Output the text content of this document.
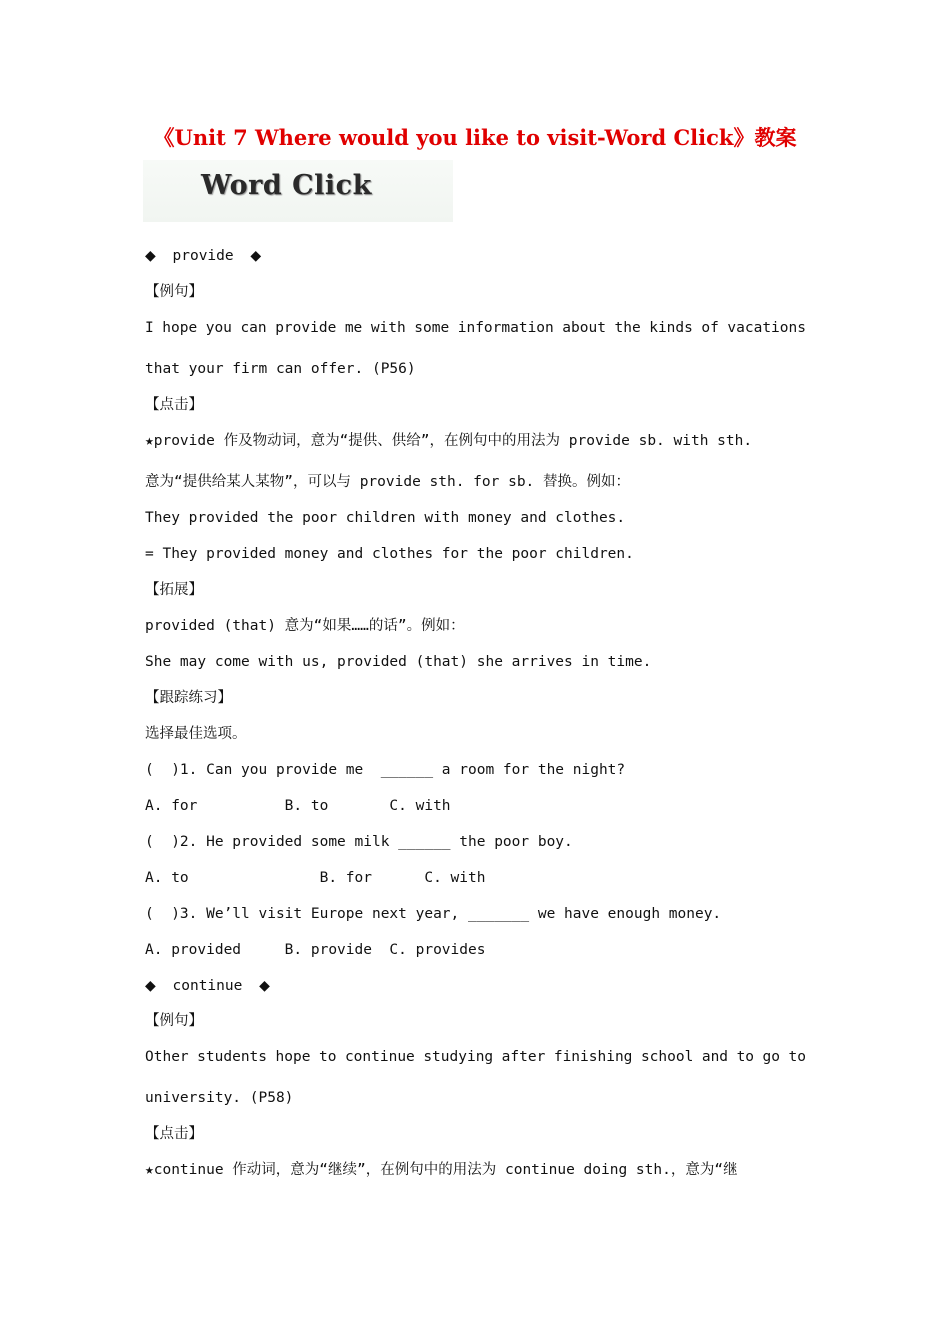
《Unit 7 Where would you like to visit-Word Click》教案
Word Click
◆ provide ◆
【例句】
I hope you can provide me with some information about the kinds of vacations
that your firm can offer. (P56)
【点击】
★provide 作及物动词，意为“提供、供给”，在例句中的用法为 provide sb. with sth.
意为“提供给某人某物”，可以与 provide sth. for sb. 替换。例如：
They provided the poor children with money and clothes.
= They provided money and clothes for the poor children.
【拓展】
provided (that) 意为“如果……的话”。例如：
She may come with us, provided (that) she arrives in time.
【跟踪练习】
选择最佳选项。
(  )1. Can you provide me  ______ a room for the night?
A. for          B. to       C. with
(  )2. He provided some milk ______ the poor boy.
A. to               B. for      C. with
(  )3. We’ll visit Europe next year, _______ we have enough money.
A. provided     B. provide  C. provides
◆ continue ◆
【例句】
Other students hope to continue studying after finishing school and to go to
university. (P58)
【点击】
★continue 作动词，意为“继续”，在例句中的用法为 continue doing sth.，意为“继
